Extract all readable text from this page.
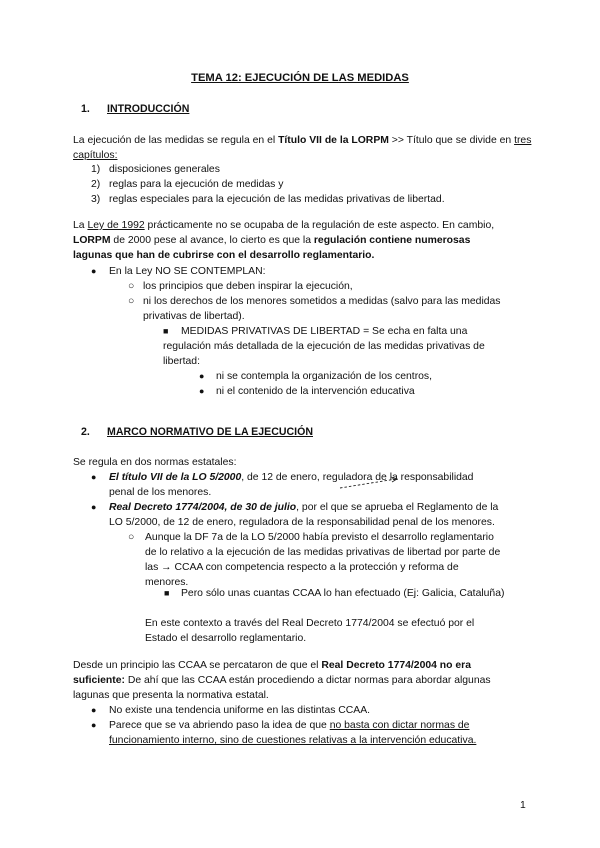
TEMA 12: EJECUCIÓN DE LAS MEDIDAS
1. INTRODUCCIÓN
La ejecución de las medidas se regula en el Título VII de la LORPM >> Título que se divide en tres capítulos:
1) disposiciones generales
2) reglas para la ejecución de medidas y
3) reglas especiales para la ejecución de las medidas privativas de libertad.
La Ley de 1992 prácticamente no se ocupaba de la regulación de este aspecto. En cambio,
LORPM de 2000 pese al avance, lo cierto es que la regulación contiene numerosas
lagunas que han de cubrirse con el desarrollo reglamentario.
● En la Ley NO SE CONTEMPLAN:
○ los principios que deben inspirar la ejecución,
○ ni los derechos de los menores sometidos a medidas (salvo para las medidas
privativas de libertad).
■ MEDIDAS PRIVATIVAS DE LIBERTAD = Se echa en falta una
regulación más detallada de la ejecución de las medidas privativas de
libertad:
● ni se contempla la organización de los centros,
● ni el contenido de la intervención educativa
2. MARCO NORMATIVO DE LA EJECUCIÓN
Se regula en dos normas estatales:
● El título VII de la LO 5/2000, de 12 de enero, reguladora de la responsabilidad
penal de los menores.
● Real Decreto 1774/2004, de 30 de julio, por el que se aprueba el Reglamento de la
LO 5/2000, de 12 de enero, reguladora de la responsabilidad penal de los menores.
○ Aunque la DF 7a de la LO 5/2000 había previsto el desarrollo reglamentario
de lo relativo a la ejecución de las medidas privativas de libertad por parte de
las → CCAA con competencia respecto a la protección y reforma de
menores.
■ Pero sólo unas cuantas CCAA lo han efectuado (Ej: Galicia, Cataluña)
En este contexto a través del Real Decreto 1774/2004 se efectuó por el
Estado el desarrollo reglamentario.
Desde un principio las CCAA se percataron de que el Real Decreto 1774/2004 no era
suficiente: De ahí que las CCAA están procediendo a dictar normas para abordar algunas
lagunas que presenta la normativa estatal.
● No existe una tendencia uniforme en las distintas CCAA.
● Parece que se va abriendo paso la idea de que no basta con dictar normas de
funcionamiento interno, sino de cuestiones relativas a la intervención educativa.
1
